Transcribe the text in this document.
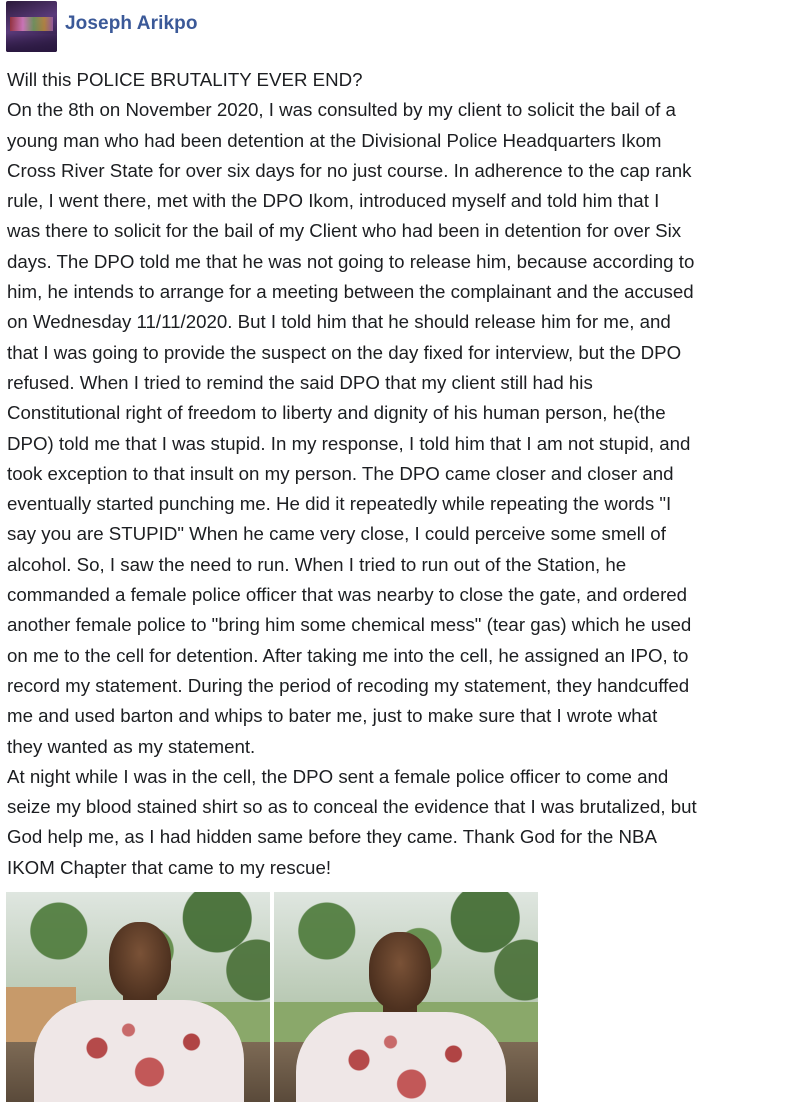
Joseph Arikpo
Will this POLICE BRUTALITY EVER END?
On the 8th on November 2020, I was consulted by my client to solicit the bail of a
young man who had been detention at the Divisional Police Headquarters Ikom
Cross River State for over six days for no just course. In adherence to the cap rank
rule, I went there, met with the DPO Ikom, introduced myself and told him that I
was there to solicit for the bail of my Client who had been in detention for over Six
days. The DPO told me that he was not going to release him, because according to
him, he intends to arrange for a meeting between the complainant and the accused
on Wednesday 11/11/2020. But I told him that he should release him for me, and
that I was going to provide the suspect on the day fixed for interview, but the DPO
refused. When I tried to remind the said DPO that my client still had his
Constitutional right of freedom to liberty and dignity of his human person, he(the
DPO) told me that I was stupid. In my response, I told him that I am not stupid, and
took exception to that insult on my person. The DPO came closer and closer and
eventually started punching me. He did it repeatedly while repeating the words "I
say you are STUPID" When he came very close, I could perceive some smell of
alcohol. So, I saw the need to run. When I tried to run out of the Station, he
commanded a female police officer that was nearby to close the gate, and ordered
another female police to "bring him some chemical mess" (tear gas) which he used
on me to the cell for detention. After taking me into the cell, he assigned an IPO, to
record my statement. During the period of recoding my statement, they handcuffed
me and used barton and whips to bater me, just to make sure that I wrote what
they wanted as my statement.
At night while I was in the cell, the DPO sent a female police officer to come and
seize my blood stained shirt so as to conceal the evidence that I was brutalized, but
God help me, as I had hidden same before they came. Thank God for the NBA
IKOM Chapter that came to my rescue!
